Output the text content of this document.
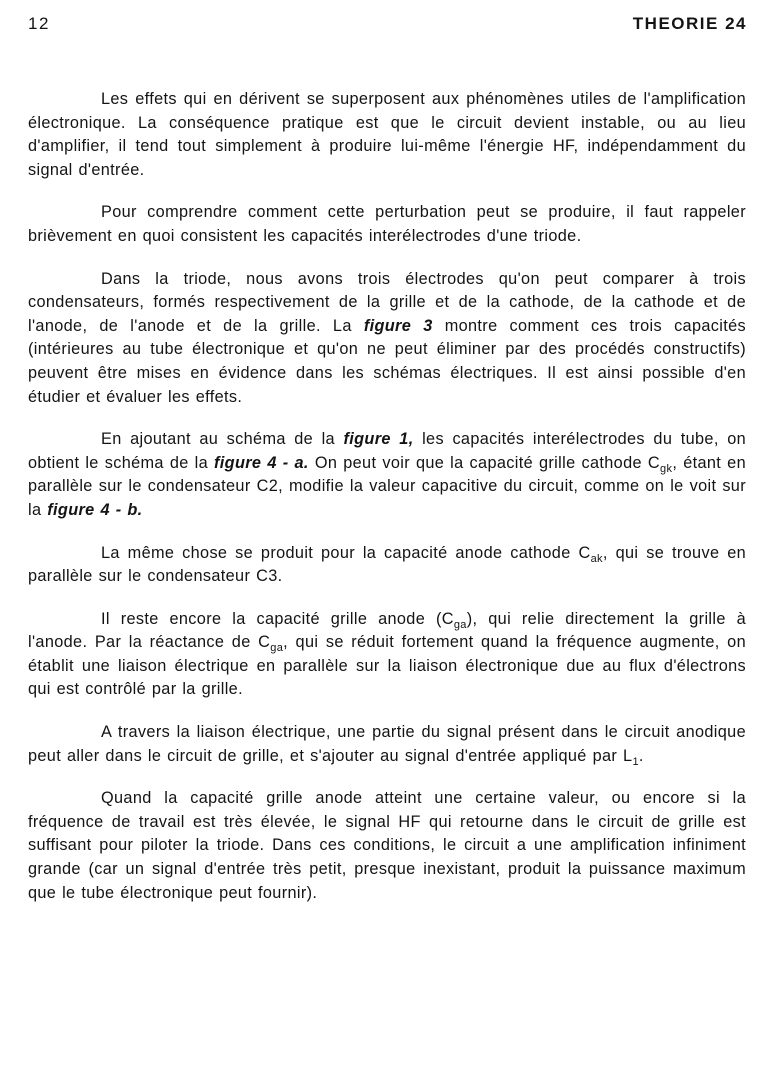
12	THEORIE 24

Les effets qui en dérivent se superposent aux phénomènes utiles de l'amplification électronique. La conséquence pratique est que le circuit devient instable, ou au lieu d'amplifier, il tend tout simplement à produire lui-même l'énergie HF, indépendamment du signal d'entrée.

Pour comprendre comment cette perturbation peut se produire, il faut rappeler brièvement en quoi consistent les capacités interélectrodes d'une triode.

Dans la triode, nous avons trois électrodes qu'on peut comparer à trois condensateurs, formés respectivement de la grille et de la cathode, de la cathode et de l'anode, de l'anode et de la grille. La figure 3 montre comment ces trois capacités (intérieures au tube électronique et qu'on ne peut éliminer par des procédés constructifs) peuvent être mises en évidence dans les schémas électriques. Il est ainsi possible d'en étudier et évaluer les effets.

En ajoutant au schéma de la figure 1, les capacités interélectrodes du tube, on obtient le schéma de la figure 4 - a. On peut voir que la capacité grille cathode $C_{gk}$, étant en parallèle sur le condensateur C2, modifie la valeur capacitive du circuit, comme on le voit sur la figure 4 - b.

La même chose se produit pour la capacité anode cathode $C_{ak}$, qui se trouve en parallèle sur le condensateur C3.

Il reste encore la capacité grille anode $(C_{ga})$, qui relie directement la grille à l'anode. Par la réactance de $C_{ga}$, qui se réduit fortement quand la fréquence augmente, on établit une liaison électrique en parallèle sur la liaison électronique due au flux d'électrons qui est contrôlé par la grille.

A travers la liaison électrique, une partie du signal présent dans le circuit anodique peut aller dans le circuit de grille, et s'ajouter au signal d'entrée appliqué par $L_1$.

Quand la capacité grille anode atteint une certaine valeur, ou encore si la fréquence de travail est très élevée, le signal HF qui retourne dans le circuit de grille est suffisant pour piloter la triode. Dans ces conditions, le circuit a une amplification infiniment grande (car un signal d'entrée très petit, presque inexistant, produit la puissance maximum que le tube électronique peut fournir).
